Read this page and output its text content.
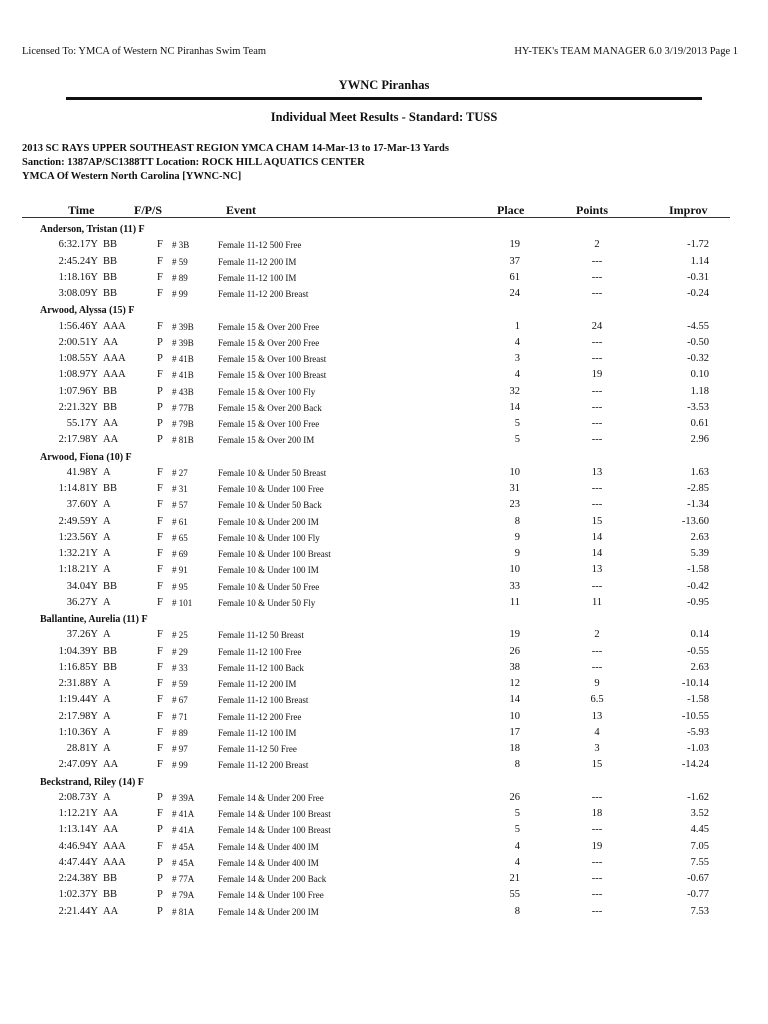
Licensed To: YMCA of Western NC Piranhas Swim Team	HY-TEK's TEAM MANAGER 6.0 3/19/2013 Page 1
YWNC Piranhas
Individual Meet Results - Standard: TUSS
2013 SC RAYS UPPER SOUTHEAST REGION YMCA CHAM 14-Mar-13 to 17-Mar-13 Yards
Sanction: 1387AP/SC1388TT Location: ROCK HILL AQUATICS CENTER
YMCA Of Western North Carolina [YWNC-NC]
Time	F/P/S	Event	Place	Points	Improv
Anderson, Tristan (11) F
6:32.17Y BB	F # 3B	Female 11-12 500 Free	19	2	-1.72
2:45.24Y BB	F # 59	Female 11-12 200 IM	37	---	1.14
1:18.16Y BB	F # 89	Female 11-12 100 IM	61	---	-0.31
3:08.09Y BB	F # 99	Female 11-12 200 Breast	24	---	-0.24
Arwood, Alyssa (15) F
1:56.46Y AAA	F # 39B	Female 15 & Over 200 Free	1	24	-4.55
2:00.51Y AA	P # 39B	Female 15 & Over 200 Free	4	---	-0.50
1:08.55Y AAA	P # 41B	Female 15 & Over 100 Breast	3	---	-0.32
1:08.97Y AAA	F # 41B	Female 15 & Over 100 Breast	4	19	0.10
1:07.96Y BB	P # 43B	Female 15 & Over 100 Fly	32	---	1.18
2:21.32Y BB	P # 77B	Female 15 & Over 200 Back	14	---	-3.53
55.17Y AA	P # 79B	Female 15 & Over 100 Free	5	---	0.61
2:17.98Y AA	P # 81B	Female 15 & Over 200 IM	5	---	2.96
Arwood, Fiona (10) F
41.98Y A	F # 27	Female 10 & Under 50 Breast	10	13	1.63
1:14.81Y BB	F # 31	Female 10 & Under 100 Free	31	---	-2.85
37.60Y A	F # 57	Female 10 & Under 50 Back	23	---	-1.34
2:49.59Y A	F # 61	Female 10 & Under 200 IM	8	15	-13.60
1:23.56Y A	F # 65	Female 10 & Under 100 Fly	9	14	2.63
1:32.21Y A	F # 69	Female 10 & Under 100 Breast	9	14	5.39
1:18.21Y A	F # 91	Female 10 & Under 100 IM	10	13	-1.58
34.04Y BB	F # 95	Female 10 & Under 50 Free	33	---	-0.42
36.27Y A	F # 101	Female 10 & Under 50 Fly	11	11	-0.95
Ballantine, Aurelia (11) F
37.26Y A	F # 25	Female 11-12 50 Breast	19	2	0.14
1:04.39Y BB	F # 29	Female 11-12 100 Free	26	---	-0.55
1:16.85Y BB	F # 33	Female 11-12 100 Back	38	---	2.63
2:31.88Y A	F # 59	Female 11-12 200 IM	12	9	-10.14
1:19.44Y A	F # 67	Female 11-12 100 Breast	14	6.5	-1.58
2:17.98Y A	F # 71	Female 11-12 200 Free	10	13	-10.55
1:10.36Y A	F # 89	Female 11-12 100 IM	17	4	-5.93
28.81Y A	F # 97	Female 11-12 50 Free	18	3	-1.03
2:47.09Y AA	F # 99	Female 11-12 200 Breast	8	15	-14.24
Beckstrand, Riley (14) F
2:08.73Y A	P # 39A	Female 14 & Under 200 Free	26	---	-1.62
1:12.21Y AA	F # 41A	Female 14 & Under 100 Breast	5	18	3.52
1:13.14Y AA	P # 41A	Female 14 & Under 100 Breast	5	---	4.45
4:46.94Y AAA	F # 45A	Female 14 & Under 400 IM	4	19	7.05
4:47.44Y AAA	P # 45A	Female 14 & Under 400 IM	4	---	7.55
2:24.38Y BB	P # 77A	Female 14 & Under 200 Back	21	---	-0.67
1:02.37Y BB	P # 79A	Female 14 & Under 100 Free	55	---	-0.77
2:21.44Y AA	P # 81A	Female 14 & Under 200 IM	8	---	7.53
